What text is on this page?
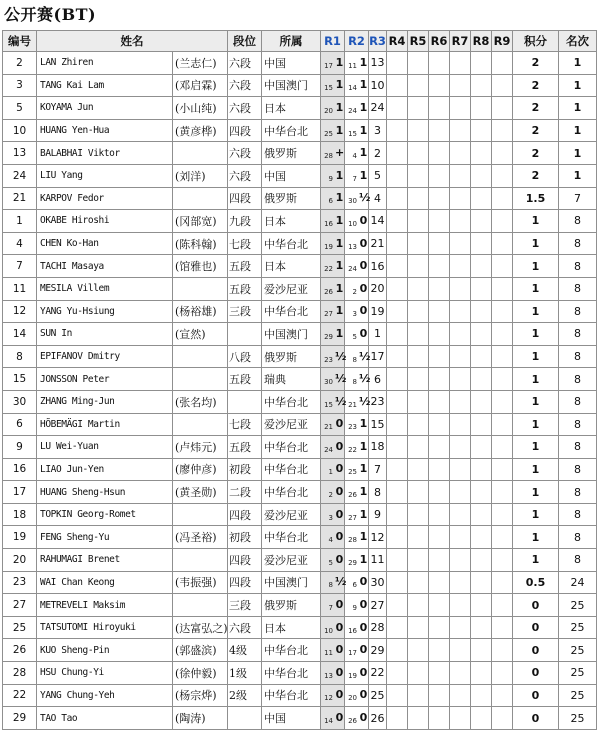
公开赛(BT)
编号	姓名		段位	所属	R1	R2	R3	R4	R5	R6	R7	R8	R9	积分	名次
2	LAN Zhiren	(兰志仁)	六段	中国	17 1	11 1	13							2	1
3	TANG Kai Lam	(邓启霖)	六段	中国澳门	15 1	14 1	10							2	1
5	KOYAMA Jun	(小山纯)	六段	日本	20 1	24 1	24							2	1
10	HUANG Yen-Hua	(黄彦桦)	四段	中华台北	25 1	15 1	3							2	1
13	BALABHAI Viktor		六段	俄罗斯	28 +	4 1	2							2	1
24	LIU Yang	(刘洋)	六段	中国	9 1	7 1	5							2	1
21	KARPOV Fedor		四段	俄罗斯	6 1	30 ½	4							1.5	7
1	OKABE Hiroshi	(冈部宽)	九段	日本	16 1	10 0	14							1	8
4	CHEN Ko-Han	(陈科翰)	七段	中华台北	19 1	13 0	21							1	8
7	TACHI Masaya	(馆雅也)	五段	日本	22 1	24 0	16							1	8
11	MESILA Villem		五段	爱沙尼亚	26 1	2 0	20							1	8
12	YANG Yu-Hsiung	(杨裕雄)	三段	中华台北	27 1	3 0	19							1	8
14	SUN In	(宣然)		中国澳门	29 1	5 0	1							1	8
8	EPIFANOV Dmitry		八段	俄罗斯	23 ½	8 ½	17							1	8
15	JONSSON Peter		五段	瑞典	30 ½	8 ½	6							1	8
30	ZHANG Ming-Jun	(张名均)		中华台北	15 ½	21 ½	23							1	8
6	HÕBEMÄGI Martin		七段	爱沙尼亚	21 0	23 1	15							1	8
9	LU Wei-Yuan	(卢炜元)	五段	中华台北	24 0	22 1	18							1	8
16	LIAO Jun-Yen	(廖仲彦)	初段	中华台北	1 0	25 1	7							1	8
17	HUANG Sheng-Hsun	(黄圣勋)	二段	中华台北	2 0	26 1	8							1	8
18	TOPKIN Georg-Romet		四段	爱沙尼亚	3 0	27 1	9							1	8
19	FENG Sheng-Yu	(冯圣裕)	初段	中华台北	4 0	28 1	12							1	8
20	RAHUMAGI Brenet		四段	爱沙尼亚	5 0	29 1	11							1	8
23	WAI Chan Keong	(韦振强)	四段	中国澳门	8 ½	6 0	30							0.5	24
27	METREVELI Maksim		三段	俄罗斯	7 0	9 0	27							0	25
25	TATSUTOMI Hiroyuki	(达富弘之)	六段	日本	10 0	16 0	28							0	25
26	KUO Sheng-Pin	(郭盛滨)	4级	中华台北	11 0	17 0	29							0	25
28	HSU Chung-Yi	(徐仲毅)	1级	中华台北	13 0	19 0	22							0	25
22	YANG Chung-Yeh	(杨宗烨)	2级	中华台北	12 0	20 0	25							0	25
29	TAO Tao	(陶涛)		中国	14 0	26 0	26							0	25
